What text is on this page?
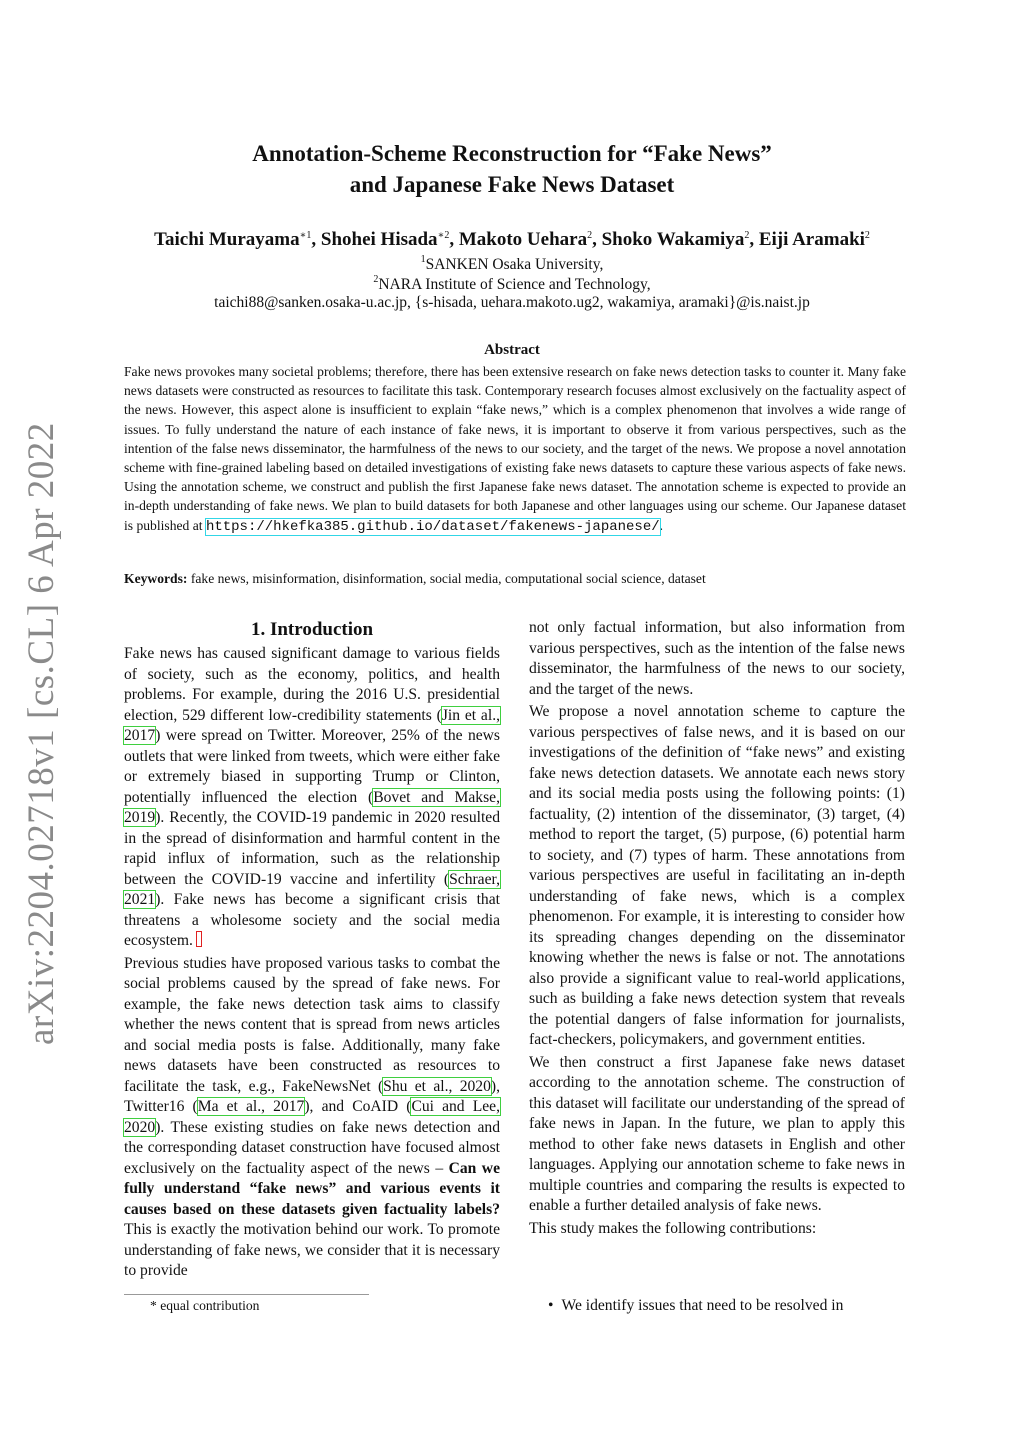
arXiv:2204.02718v1 [cs.CL] 6 Apr 2022
Annotation-Scheme Reconstruction for “Fake News”
and Japanese Fake News Dataset
Taichi Murayama$^{∗1}$, Shohei Hisada$^{∗2}$, Makoto Uehara$^2$, Shoko Wakamiya$^2$, Eiji Aramaki$^2$
$^1$SANKEN Osaka University,
$^2$NARA Institute of Science and Technology,
taichi88@sanken.osaka-u.ac.jp, {s-hisada, uehara.makoto.ug2, wakamiya, aramaki}@is.naist.jp
Abstract
Fake news provokes many societal problems; therefore, there has been extensive research on fake news detection tasks to counter it. Many fake news datasets were constructed as resources to facilitate this task. Contemporary research focuses almost exclusively on the factuality aspect of the news. However, this aspect alone is insufficient to explain “fake news,” which is a complex phenomenon that involves a wide range of issues. To fully understand the nature of each instance of fake news, it is important to observe it from various perspectives, such as the intention of the false news disseminator, the harmfulness of the news to our society, and the target of the news. We propose a novel annotation scheme with fine-grained labeling based on detailed investigations of existing fake news datasets to capture these various aspects of fake news. Using the annotation scheme, we construct and publish the first Japanese fake news dataset. The annotation scheme is expected to provide an in-depth understanding of fake news. We plan to build datasets for both Japanese and other languages using our scheme. Our Japanese dataset is published at https://hkefka385.github.io/dataset/fakenews-japanese/.
Keywords: fake news, misinformation, disinformation, social media, computational social science, dataset
1. Introduction

Fake news has caused significant damage to various fields of society, such as the economy, politics, and health problems. For example, during the 2016 U.S. presidential election, 529 different low-credibility statements (Jin et al., 2017) were spread on Twitter. Moreover, 25% of the news outlets that were linked from tweets, which were either fake or extremely biased in supporting Trump or Clinton, potentially influenced the election (Bovet and Makse, 2019). Recently, the COVID-19 pandemic in 2020 resulted in the spread of disinformation and harmful content in the rapid influx of information, such as the relationship between the COVID-19 vaccine and infertility (Schraer, 2021). Fake news has become a significant crisis that threatens a wholesome society and the social media ecosystem.

Previous studies have proposed various tasks to combat the social problems caused by the spread of fake news. For example, the fake news detection task aims to classify whether the news content that is spread from news articles and social media posts is false. Additionally, many fake news datasets have been constructed as resources to facilitate the task, e.g., FakeNewsNet (Shu et al., 2020), Twitter16 (Ma et al., 2017), and CoAID (Cui and Lee, 2020). These existing studies on fake news detection and the corresponding dataset construction have focused almost exclusively on the factuality aspect of the news – Can we fully understand “fake news” and various events it causes based on these datasets given factuality labels? This is exactly the motivation behind our work. To promote understanding of fake news, we consider that it is necessary to provide

not only factual information, but also information from various perspectives, such as the intention of the false news disseminator, the harmfulness of the news to our society, and the target of the news.

We propose a novel annotation scheme to capture the various perspectives of false news, and it is based on our investigations of the definition of “fake news” and existing fake news detection datasets. We annotate each news story and its social media posts using the following points: (1) factuality, (2) intention of the disseminator, (3) target, (4) method to report the target, (5) purpose, (6) potential harm to society, and (7) types of harm. These annotations from various perspectives are useful in facilitating an in-depth understanding of fake news, which is a complex phenomenon. For example, it is interesting to consider how its spreading changes depending on the disseminator knowing whether the news is false or not. The annotations also provide a significant value to real-world applications, such as building a fake news detection system that reveals the potential dangers of false information for journalists, fact-checkers, policymakers, and government entities.

We then construct a first Japanese fake news dataset according to the annotation scheme. The construction of this dataset will facilitate our understanding of the spread of fake news in Japan. In the future, we plan to apply this method to other fake news datasets in English and other languages. Applying our annotation scheme to fake news in multiple countries and comparing the results is expected to enable a further detailed analysis of fake news.

This study makes the following contributions:

* equal contribution	• We identify issues that need to be resolved in
